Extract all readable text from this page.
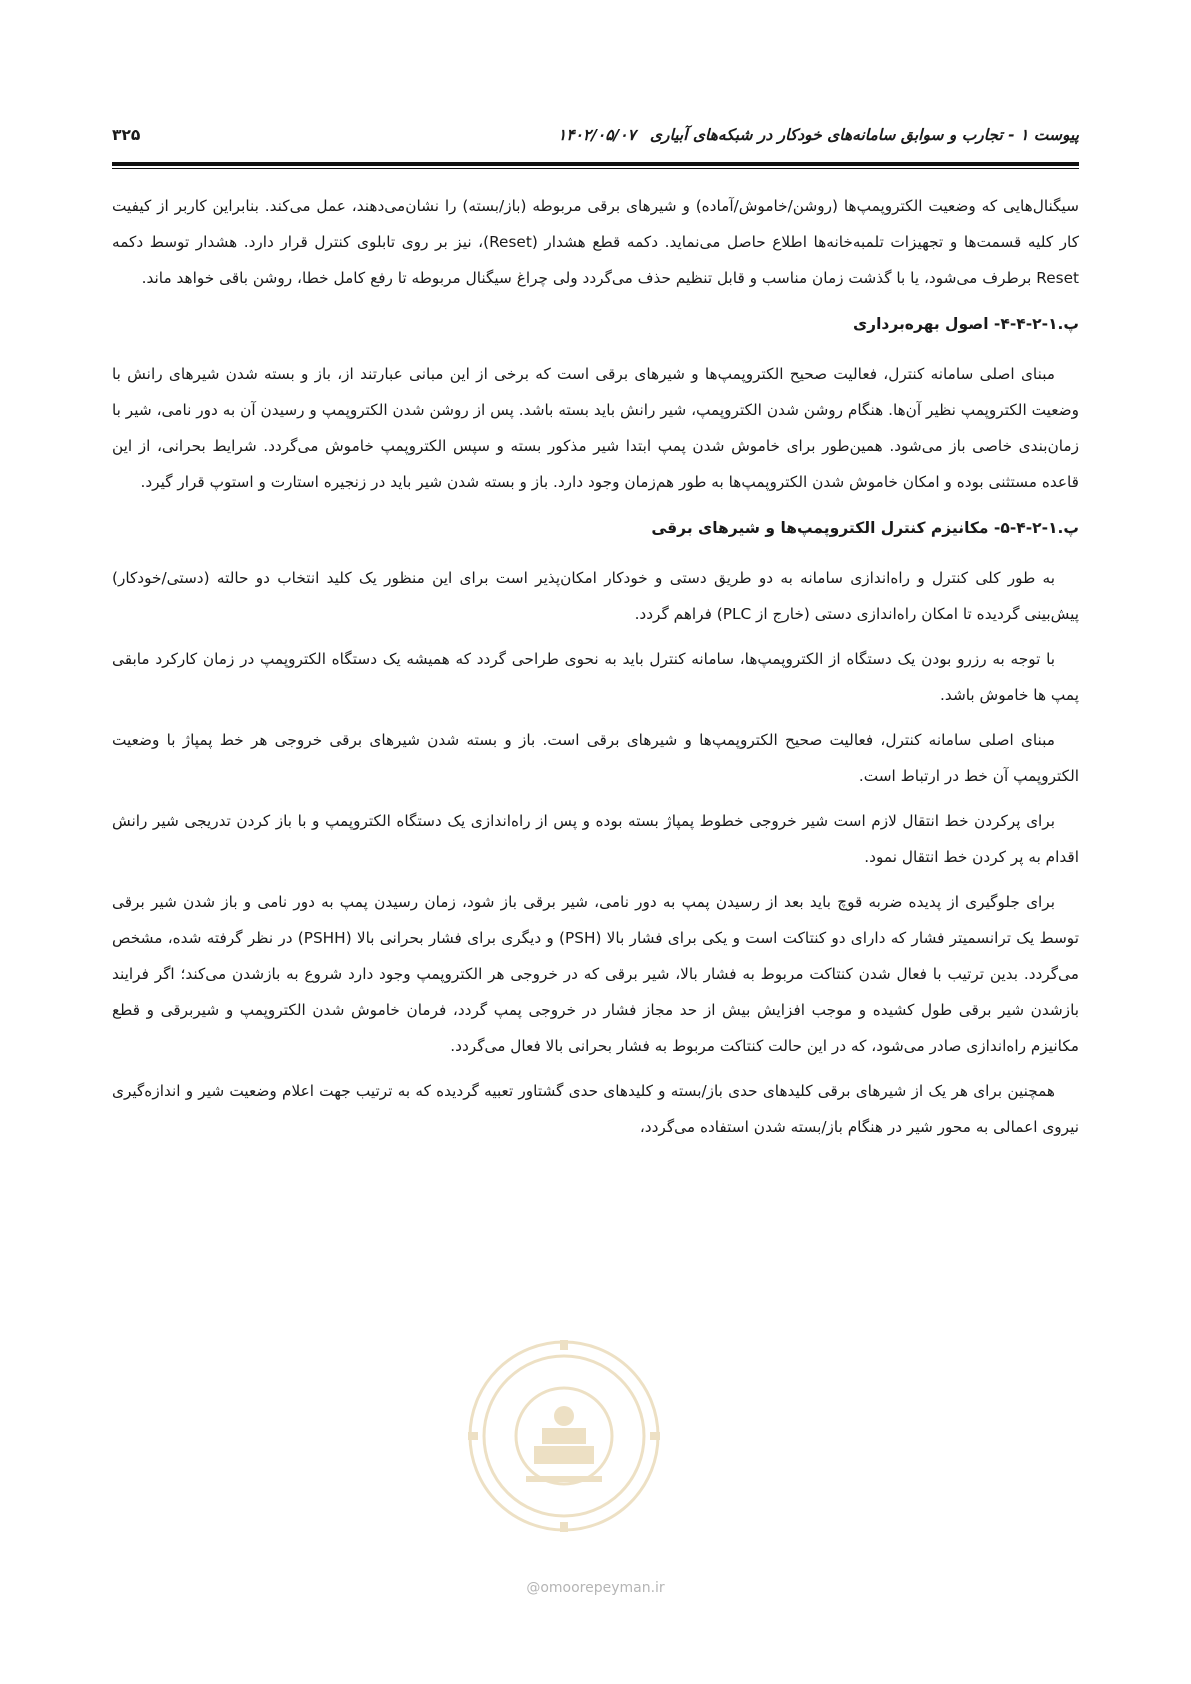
پیوست ۱ - تجارب و سوابق سامانه‌های خودکار در شبکه‌های آبیاری۱۴۰۲/۰۵/۰۷
۳۲۵

سیگنال‌هایی که وضعیت الکتروپمپ‌ها (روشن/خاموش/آماده) و شیرهای برقی مربوطه (باز/بسته) را نشان‌می‌دهند، عمل می‌کند. بنابراین کاربر از کیفیت کار کلیه قسمت‌ها و تجهیزات تلمبه‌خانه‌ها اطلاع حاصل می‌نماید. دکمه قطع هشدار (Reset)، نیز بر روی تابلوی کنترل قرار دارد. هشدار توسط دکمه Reset برطرف می‌شود، یا با گذشت زمان مناسب و قابل تنظیم حذف می‌گردد ولی چراغ سیگنال مربوطه تا رفع کامل خطا، روشن باقی خواهد ماند.

پ.۱-۲-۴-۴- اصول بهره‌برداری

مبنای اصلی سامانه کنترل، فعالیت صحیح الکتروپمپ‌ها و شیرهای برقی است که برخی از این مبانی عبارتند از، باز و بسته شدن شیرهای رانش با وضعیت الکتروپمپ نظیر آن‌ها. هنگام روشن شدن الکتروپمپ، شیر رانش باید بسته باشد. پس از روشن شدن الکتروپمپ و رسیدن آن به دور نامی، شیر با زمان‌بندی خاصی باز می‌شود. همین‌طور برای خاموش شدن پمپ ابتدا شیر مذکور بسته و سپس الکتروپمپ خاموش می‌گردد. شرایط بحرانی، از این قاعده مستثنی بوده و امکان خاموش شدن الکتروپمپ‌ها به طور هم‌زمان وجود دارد. باز و بسته شدن شیر باید در زنجیره استارت و استوپ قرار گیرد.

پ.۱-۲-۴-۵- مکانیزم کنترل الکتروپمپ‌ها و شیرهای برقی

به طور کلی کنترل و راه‌اندازی سامانه به دو طریق دستی و خودکار امکان‌پذیر است برای این منظور یک کلید انتخاب دو حالته (دستی/خودکار) پیش‌بینی گردیده تا امکان راه‌اندازی دستی (خارج از PLC) فراهم گردد.

با توجه به رزرو بودن یک دستگاه از الکتروپمپ‌ها، سامانه کنترل باید به نحوی طراحی گردد که همیشه یک دستگاه الکتروپمپ در زمان کارکرد مابقی پمپ ها خاموش باشد.

مبنای اصلی سامانه کنترل، فعالیت صحیح الکتروپمپ‌ها و شیرهای برقی است. باز و بسته شدن شیرهای برقی خروجی هر خط پمپاژ با وضعیت الکتروپمپ آن خط در ارتباط است.

برای پرکردن خط انتقال لازم است شیر خروجی خطوط پمپاژ بسته بوده و پس از راه‌اندازی یک دستگاه الکتروپمپ و با باز کردن تدریجی شیر رانش اقدام به پر کردن خط انتقال نمود.

برای جلوگیری از پدیده ضربه قوچ باید بعد از رسیدن پمپ به دور نامی، شیر برقی باز شود، زمان رسیدن پمپ به دور نامی و باز شدن شیر برقی توسط یک ترانسمیتر فشار که دارای دو کنتاکت است و یکی برای فشار بالا (PSH) و دیگری برای فشار بحرانی بالا (PSHH) در نظر گرفته شده، مشخص می‌گردد. بدین ترتیب با فعال شدن کنتاکت مربوط به فشار بالا، شیر برقی که در خروجی هر الکتروپمپ وجود دارد شروع به بازشدن می‌کند؛ اگر فرایند بازشدن شیر برقی طول کشیده و موجب افزایش بیش از حد مجاز فشار در خروجی پمپ گردد، فرمان خاموش شدن الکتروپمپ و شیربرقی و قطع مکانیزم راه‌اندازی صادر می‌شود، که در این حالت کنتاکت مربوط به فشار بحرانی بالا فعال می‌گردد.

همچنین برای هر یک از شیرهای برقی کلیدهای حدی باز/بسته و کلیدهای حدی گشتاور تعبیه گردیده که به ترتیب جهت اعلام وضعیت شیر و اندازه‌گیری نیروی اعمالی به محور شیر در هنگام باز/بسته شدن استفاده می‌گردد،

@omoorepeyman.ir
